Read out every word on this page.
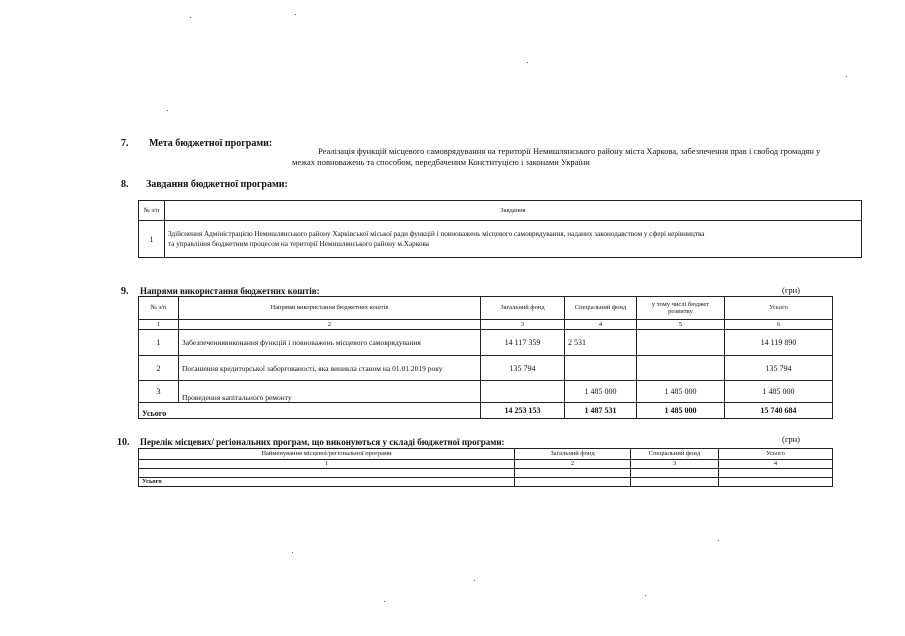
7. Мета бюджетної програми:
Реалізація функцій місцевого самоврядування на території Немишлянського району міста Харкова, забезпечення прав і свобод громадян у
межах повноважень та способом, передбаченим Конституцією і законами України
8. Завдання бюджетної програми:
№ з/п	Завдання
1	Здійснення Адміністрацією Немишлянського району Харківської міської ради функцій і повноважень місцевого самоврядування, наданих законодавством у сфері керівництва
та управління бюджетним процесом на території Немишлянського району м.Харкова
9. Напрями використання бюджетних коштів:	(грн)
№ з/п	Напрями використання бюджетних коштів	Загальний фонд	Спеціальний фонд	у тому числі бюджет розвитку	Усього
1	2	3	4	5	6
1	Забезпеченнявиконання функцій і повноважень місцевого самоврядування	14 117 359	2 531		14 119 890
2	Погашення кредиторської заборгованості, яка виникла станом на 01.01.2019 року	135 794			135 794
3	Проведення капітального ремонту		1 485 000	1 485 000	1 485 000
Усього		14 253 153	1 487 531	1 485 000	15 740 684
10. Перелік місцевих/ регіональних програм, що виконуються у складі бюджетної програми:	(грн)
Найменування місцевої/регіональної програми	Загальний фонд	Спеціальний фонд	Усього
1	2	3	4

Усього			
